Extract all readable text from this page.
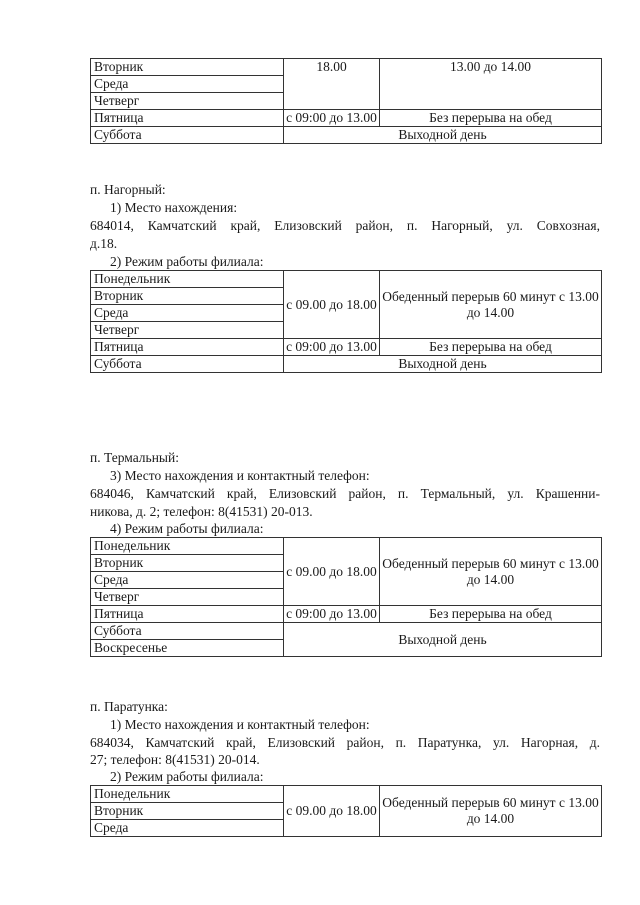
Вторник	18.00	13.00 до 14.00
Среда		
Четверг		
Пятница	с 09:00 до 13.00	Без перерыва на обед
Суббота	Выходной день	
п. Нагорный:
1) Место нахождения:
684014, Камчатский край, Елизовский район, п. Нагорный, ул. Совхозная,
д.18.
2) Режим работы филиала:
Понедельник	с 09.00 до 18.00	Обеденный перерыв 60 минут с 13.00 до 14.00
Вторник		
Среда		
Четверг		
Пятница	с 09:00 до 13.00	Без перерыва на обед
Суббота	Выходной день	
п. Термальный:
3) Место нахождения и контактный телефон:
684046, Камчатский край, Елизовский район, п. Термальный, ул. Крашенни-
никова, д. 2; телефон: 8(41531) 20-013.
4) Режим работы филиала:
Понедельник	с 09.00 до 18.00	Обеденный перерыв 60 минут с 13.00 до 14.00
Вторник		
Среда		
Четверг		
Пятница	с 09:00 до 13.00	Без перерыва на обед
Суббота	Выходной день	
Воскресенье		
п. Паратунка:
1) Место нахождения и контактный телефон:
684034, Камчатский край, Елизовский район, п. Паратунка, ул. Нагорная, д.
27; телефон: 8(41531) 20-014.
2) Режим работы филиала:
Понедельник	с 09.00 до 18.00	Обеденный перерыв 60 минут с 13.00 до 14.00
Вторник
Среда
